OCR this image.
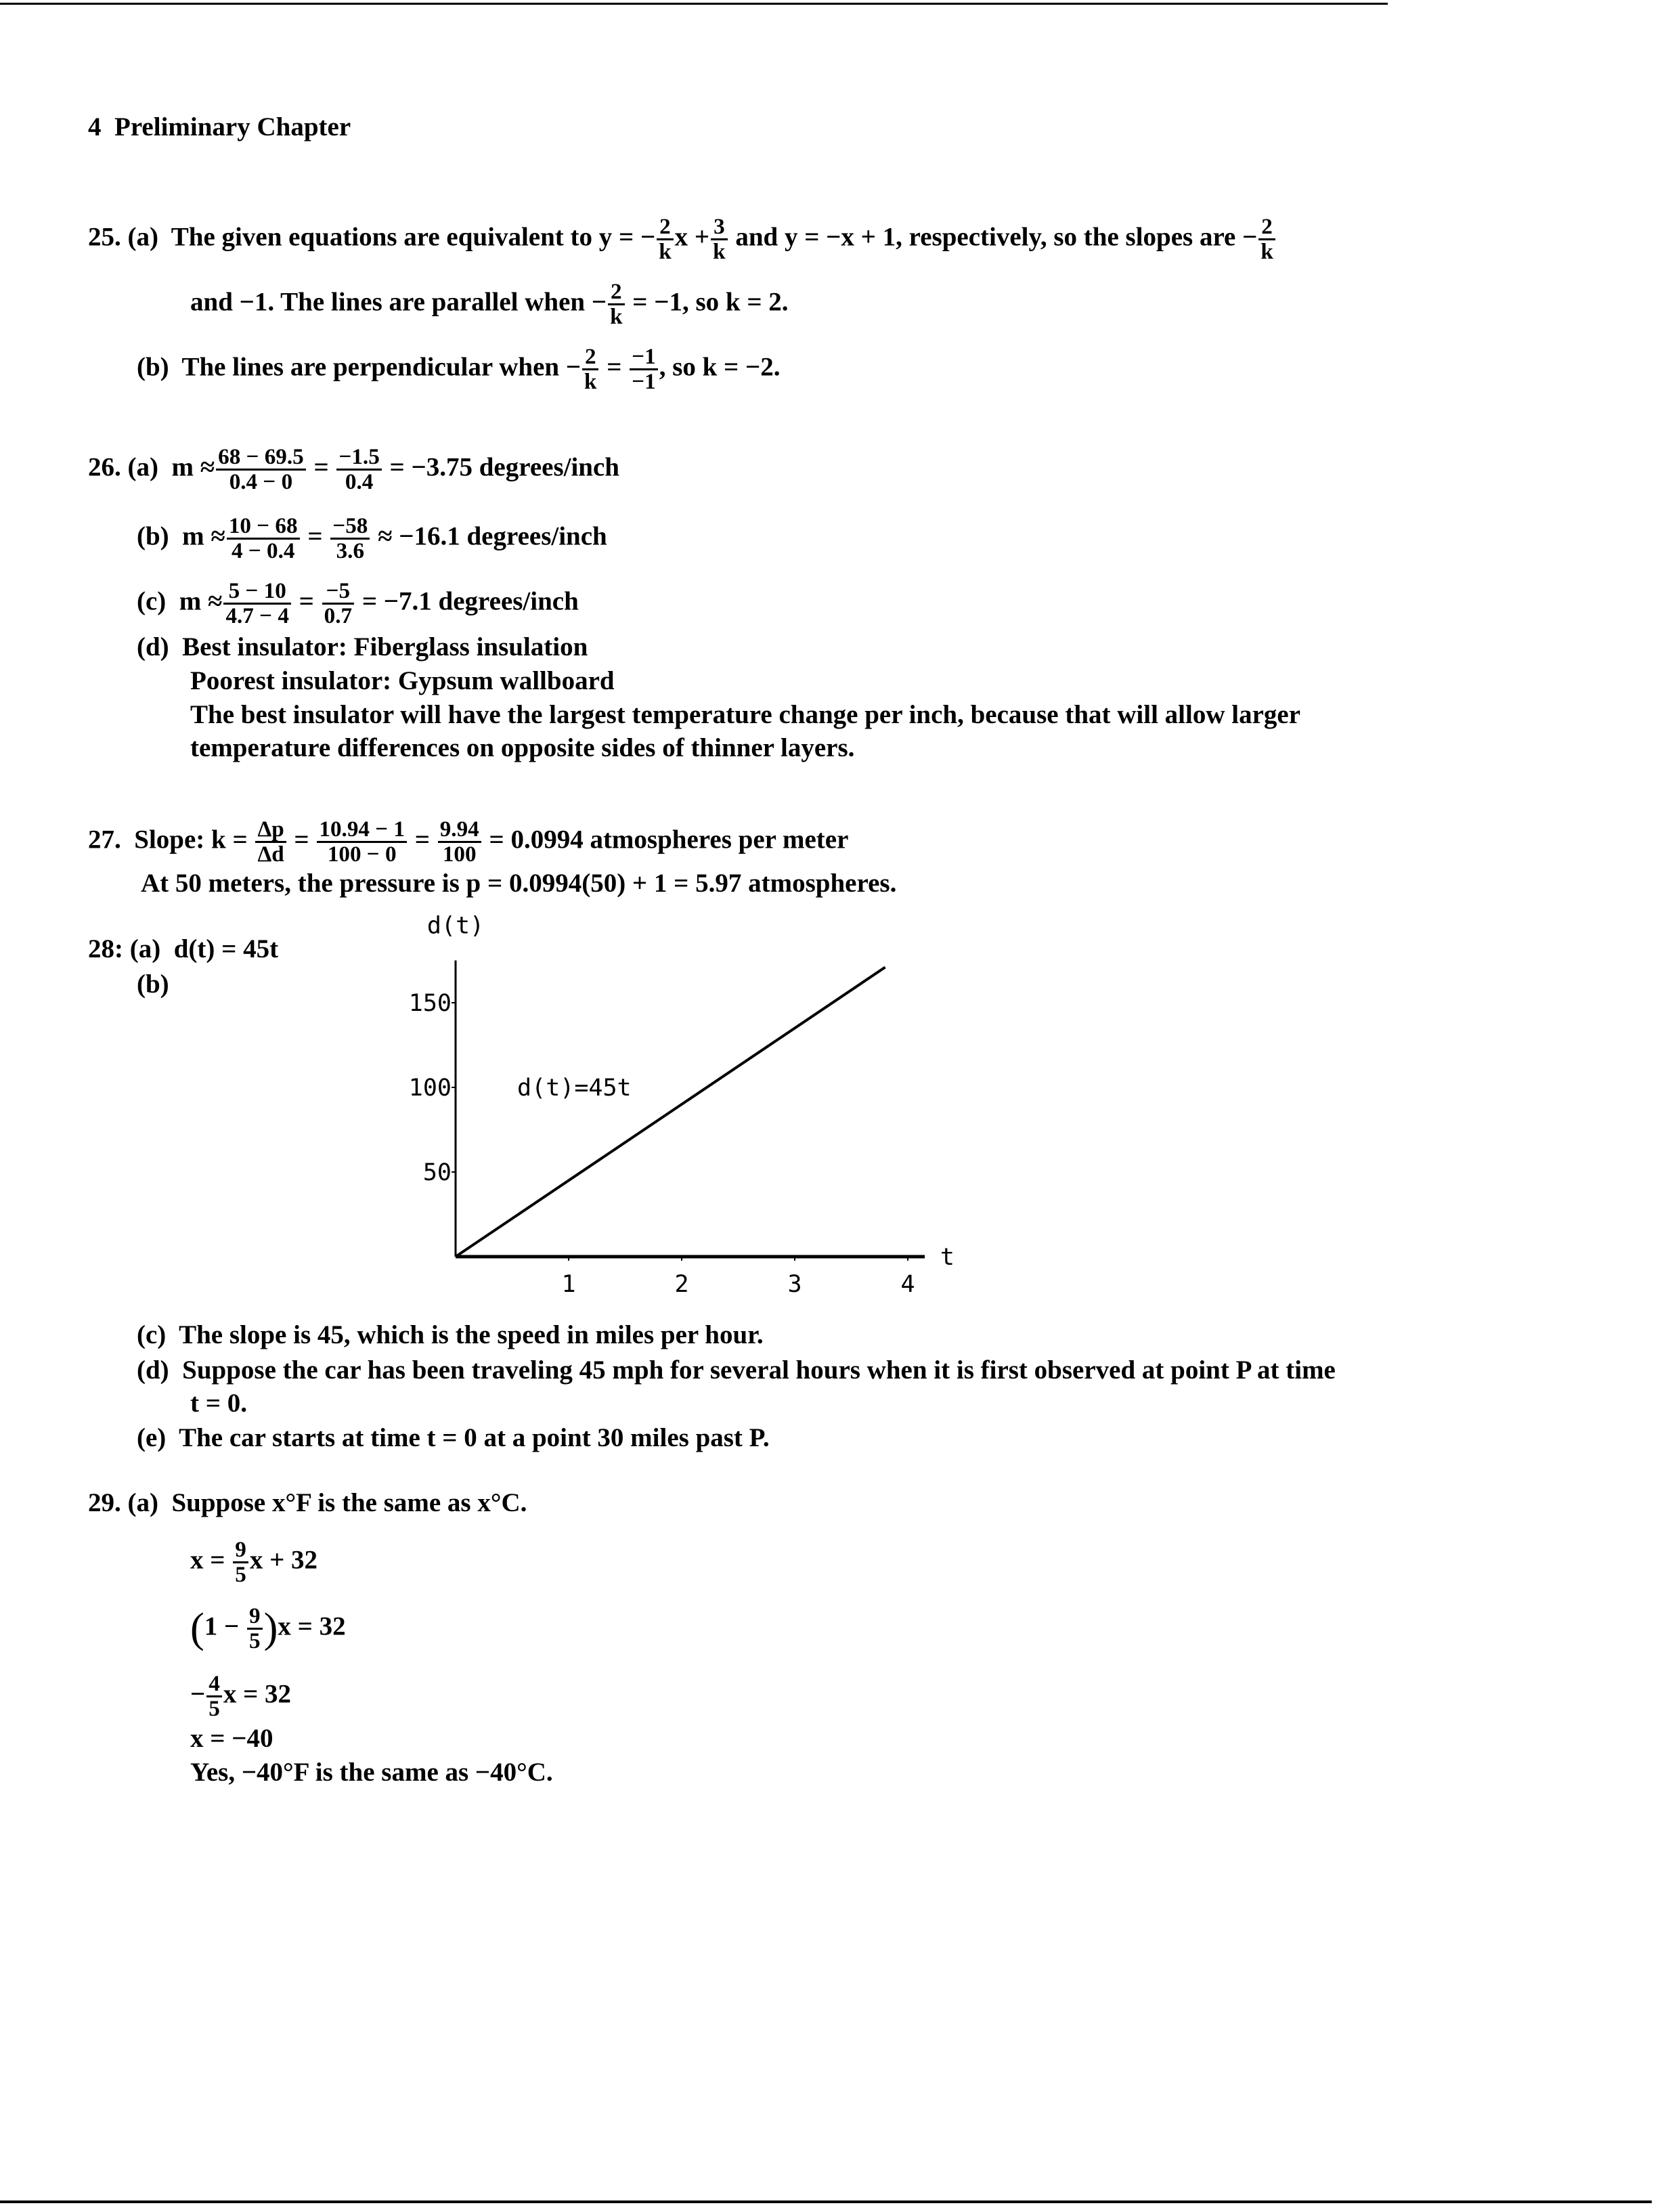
4 Preliminary Chapter
25. (a) The given equations are equivalent to y = − $\frac{2}{k}$ $x + \frac{3}{k}$ and y = −x + 1, respectively, so the slopes are − $\frac{2}{k}$
and −1. The lines are parallel when − $\frac{2}{k} = -1$, so k = 2.
(b) The lines are perpendicular when − $\frac{2}{k} = \frac{-1}{-1}$ , so k = −2.
26. (a) $m \approx \frac{68 - 69.5}{0.4 - 0} = \frac{-1.5}{0.4} = -3.75$ degrees/inch
(b) $m \approx \frac{10 - 68}{4 - 0.4} = \frac{-58}{3.6} \approx -16.1$ degrees/inch
(c) $m \approx \frac{5 - 10}{4.7 - 4} = \frac{-5}{0.7} = -7.1$ degrees/inch
(d) Best insulator: Fiberglass insulation
Poorest insulator: Gypsum wallboard
The best insulator will have the largest temperature change per inch, because that will allow larger
temperature differences on opposite sides of thinner layers.
27. Slope: $k = \frac{\Delta p}{\Delta d} = \frac{10.94 - 1}{100 - 0} = \frac{9.94}{100} = 0.0994$ atmospheres per meter
At 50 meters, the pressure is p = 0.0994(50) + 1 = 5.97 atmospheres.
28: (a) d(t) = 45t
(b)
1	2	3	4
50
100
150
d(t)
t
d(t)=45t
(c) The slope is 45, which is the speed in miles per hour.
(d) Suppose the car has been traveling 45 mph for several hours when it is first observed at point P at time
t = 0.
(e) The car starts at time t = 0 at a point 30 miles past P.
29. (a) Suppose x°F is the same as x°C.
$x = \frac{9}{5}$ x + 32
$(1 - \frac{9}{5} )x = 32$
− $\frac{4}{5}$ x = 32
x = −40
Yes, −40°F is the same as −40°C.
